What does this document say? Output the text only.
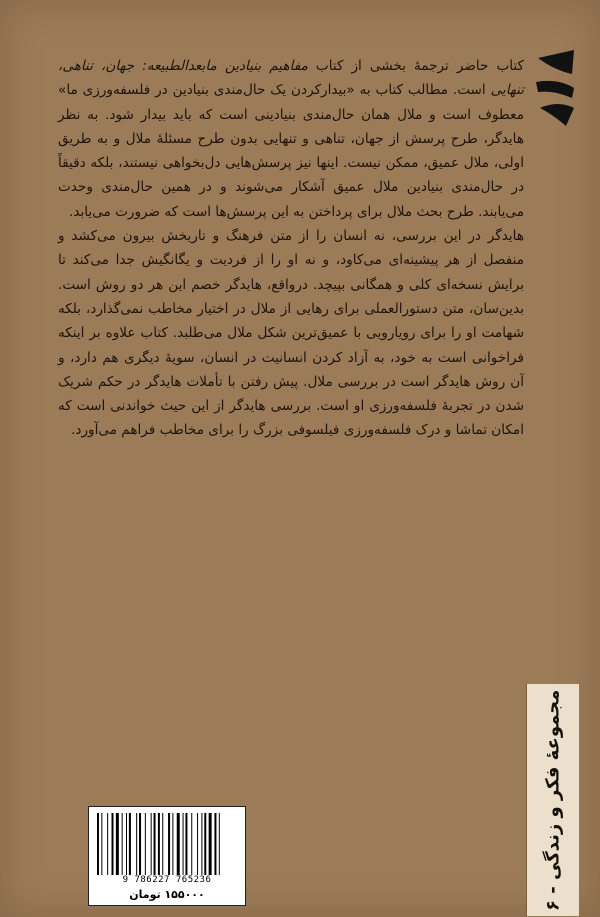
کتاب حاضر ترجمهٔ بخشی از کتاب مفاهیم بنیادین مابعدالطبیعه: جهان، تناهی، تنهایی است. مطالب کتاب به «بیدارکردن یک حال‌مندی بنیادین در فلسفه‌ورزی ما» معطوف است و ملال همان حال‌مندی بنیادینی است که باید بیدار شود. به نظر هایدگر، طرح پرسش از جهان، تناهی و تنهایی بدون طرح مسئلهٔ ملال و به طریق اولی، ملال عمیق، ممکن نیست. اینها نیز پرسش‌هایی دل‌بخواهی نیستند، بلکه دقیقاً در حال‌مندی بنیادین ملال عمیق آشکار می‌شوند و در همین حال‌مندی وحدت می‌یابند. طرح بحث ملال برای پرداختن به این پرسش‌ها است که ضرورت می‌یابد.

هایدگر در این بررسی، نه انسان را از متن فرهنگ و تاریخش بیرون می‌کشد و منفصل از هر پیشینه‌ای می‌کاود، و نه او را از فردیت و یگانگیش جدا می‌کند تا برایش نسخه‌ای کلی و همگانی بپیچد. درواقع، هایدگر خصم این هر دو روش است. بدین‌سان، متن دستورالعملی برای رهایی از ملال در اختیار مخاطب نمی‌گذارد، بلکه شهامت او را برای رویارویی با عمیق‌ترین شکل ملال می‌طلبد. کتاب علاوه بر اینکه فراخوانی است به خود، به آزاد کردن انسانیت در انسان، سویهٔ دیگری هم دارد، و آن روش هایدگر است در بررسی ملال. پیش رفتن با تأملات هایدگر در حکم شریک شدن در تجربهٔ فلسفه‌ورزی او است. بررسی هایدگر از این حیث خواندنی است که امکان تماشا و درک فلسفه‌ورزی فیلسوفی بزرگ را برای مخاطب فراهم می‌آورد.

مجموعهٔ فکر و زندگی - ۶
9 786227 765236
۱۵۵۰۰۰ تومان
